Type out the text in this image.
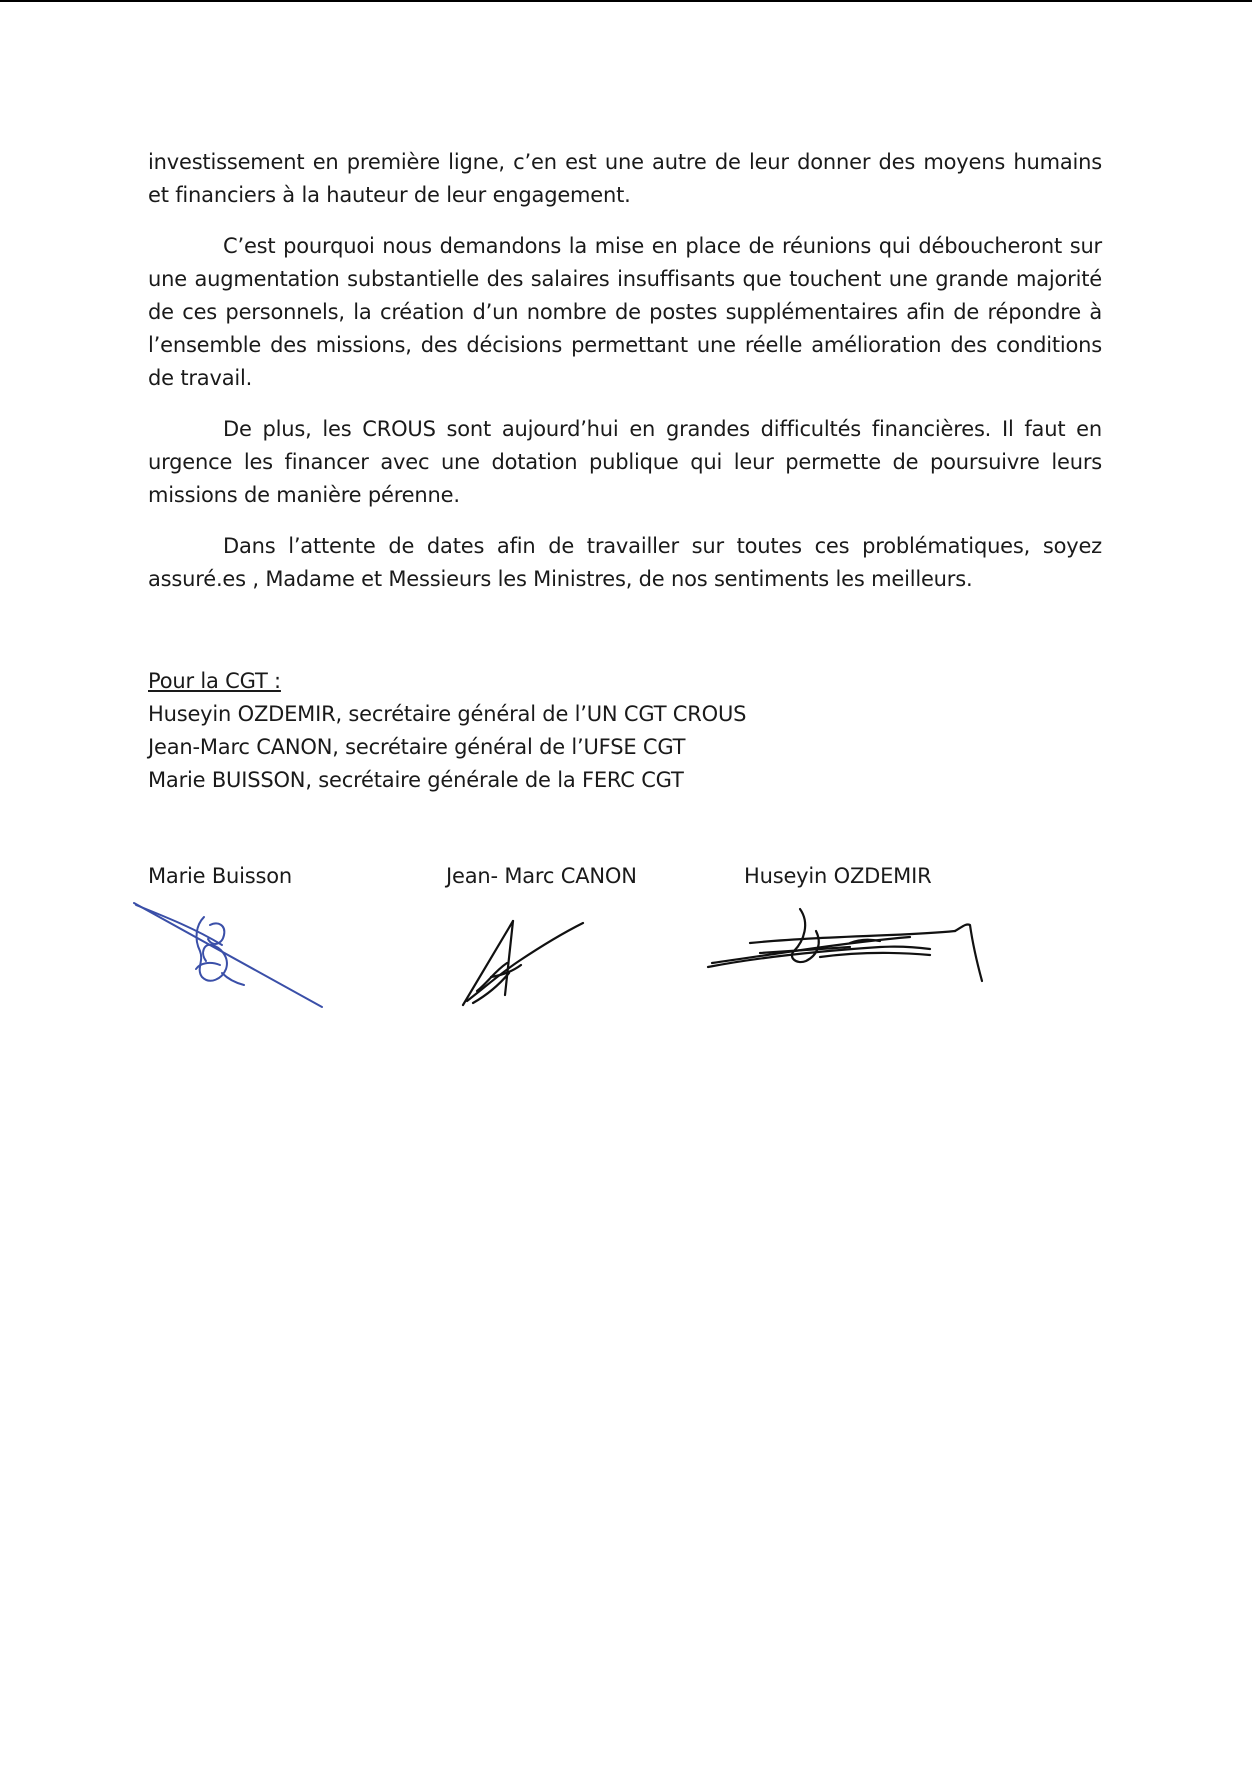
investissement en première ligne, c’en est une autre de leur donner des moyens humains et financiers à la hauteur de leur engagement.

C’est pourquoi nous demandons la mise en place de réunions qui déboucheront sur une augmentation substantielle des salaires insuffisants que touchent une grande majorité de ces personnels, la création d’un nombre de postes supplémentaires afin de répondre à l’ensemble des missions, des décisions permettant une réelle amélioration des conditions de travail.

De plus, les CROUS sont aujourd’hui en grandes difficultés financières. Il faut en urgence les financer avec une dotation publique qui leur permette de poursuivre leurs missions de manière pérenne.

Dans l’attente de dates afin de travailler sur toutes ces problématiques, soyez assuré.es , Madame et Messieurs les Ministres, de nos sentiments les meilleurs.

Pour la CGT :
Huseyin OZDEMIR, secrétaire général de l’UN CGT CROUS
Jean-Marc CANON, secrétaire général de l’UFSE CGT
Marie BUISSON, secrétaire générale de la FERC CGT
Marie Buisson	Jean- Marc CANON	Huseyin OZDEMIR
